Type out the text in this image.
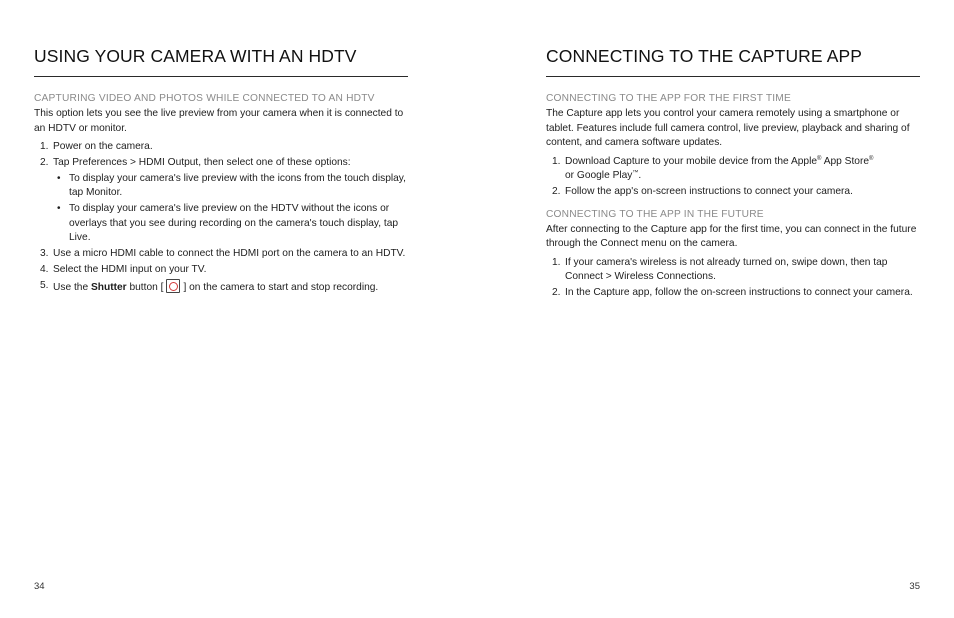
USING YOUR CAMERA WITH AN HDTV
CAPTURING VIDEO AND PHOTOS WHILE CONNECTED TO AN HDTV

This option lets you see the live preview from your camera when it is connected to an HDTV or monitor.

1. Power on the camera.
2. Tap Preferences > HDMI Output, then select one of these options:
• To display your camera's live preview with the icons from the touch display, tap Monitor.
• To display your camera's live preview on the HDTV without the icons or overlays that you see during recording on the camera's touch display, tap Live.
3. Use a micro HDMI cable to connect the HDMI port on the camera to an HDTV.
4. Select the HDMI input on your TV.
5. Use the Shutter button [ ] on the camera to start and stop recording.
CONNECTING TO THE CAPTURE APP
CONNECTING TO THE APP FOR THE FIRST TIME

The Capture app lets you control your camera remotely using a smartphone or tablet. Features include full camera control, live preview, playback and sharing of content, and camera software updates.

1. Download Capture to your mobile device from the Apple® App Store®
or Google Play™.
2. Follow the app's on-screen instructions to connect your camera.
CONNECTING TO THE APP IN THE FUTURE

After connecting to the Capture app for the first time, you can connect in the future through the Connect menu on the camera.

1. If your camera's wireless is not already turned on, swipe down, then tap Connect > Wireless Connections.
2. In the Capture app, follow the on-screen instructions to connect your camera.
34	35
